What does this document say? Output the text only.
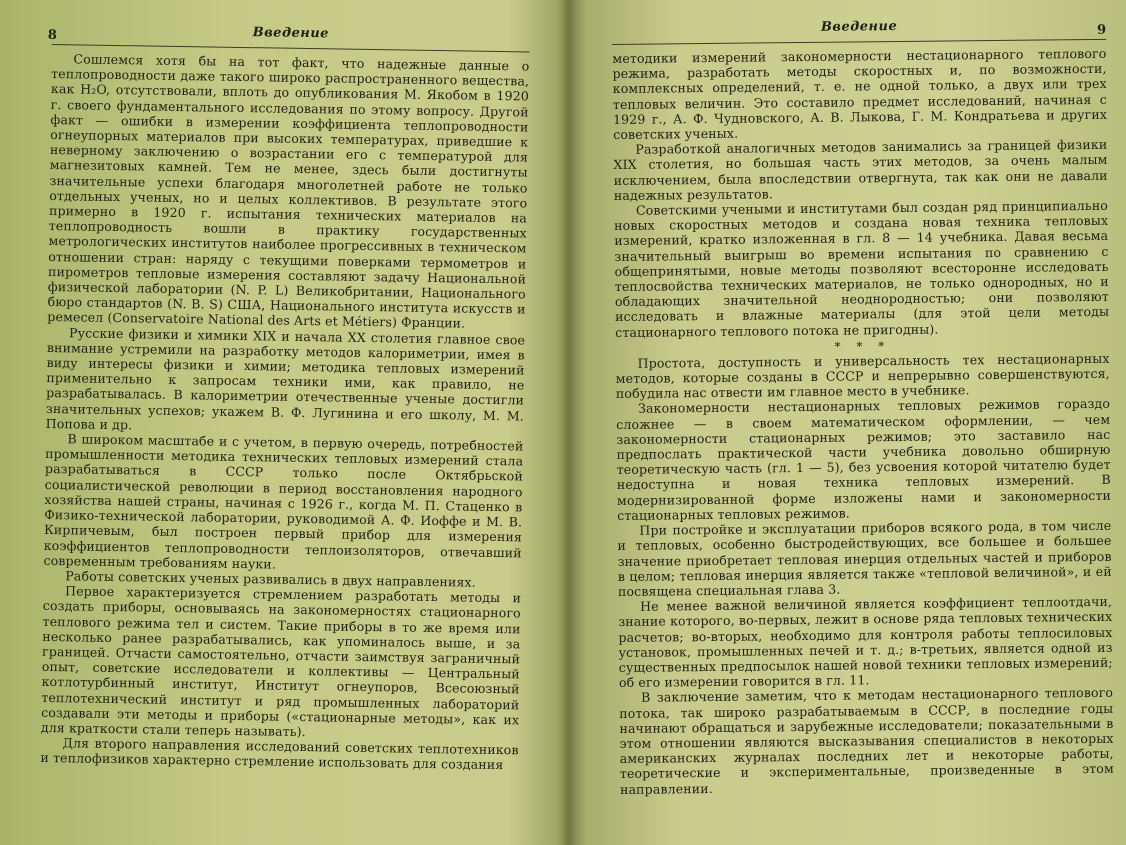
8	Введение

Сошлемся хотя бы на тот факт, что надежные данные о теплопроводности даже такого широко распространенного вещества, как H₂O, отсутствовали, вплоть до опубликования М. Якобом в 1920 г. своего фундаментального исследования по этому вопросу. Другой факт — ошибки в измерении коэффициента теплопроводности огнеупорных материалов при высоких температурах, приведшие к неверному заключению о возрастании его с температурой для магнезитовых камней. Тем не менее, здесь были достигнуты значительные успехи благодаря многолетней работе не только отдельных ученых, но и целых коллективов. В результате этого примерно в 1920 г. испытания технических материалов на теплопроводность вошли в практику государственных метрологических институтов наиболее прогрессивных в техническом отношении стран: наряду с текущими поверками термометров и пирометров тепловые измерения составляют задачу Национальной физической лаборатории (N. P. L) Великобритании, Национального бюро стандартов (N. B. S) США, Национального института искусств и ремесел (Conservatoire National des Arts et Métiers) Франции.

Русские физики и химики XIX и начала XX столетия главное свое внимание устремили на разработку методов калориметрии, имея в виду интересы физики и химии; методика тепловых измерений применительно к запросам техники ими, как правило, не разрабатывалась. В калориметрии отечественные ученые достигли значительных успехов; укажем В. Ф. Лугинина и его школу, М. М. Попова и др.

В широком масштабе и с учетом, в первую очередь, потребностей промышленности методика технических тепловых измерений стала разрабатываться в СССР только после Октябрьской социалистической революции в период восстановления народного хозяйства нашей страны, начиная с 1926 г., когда М. П. Стаценко в Физико-технической лаборатории, руководимой А. Ф. Иоффе и М. В. Кирпичевым, был построен первый прибор для измерения коэффициентов теплопроводности теплоизоляторов, отвечавший современным требованиям науки.

Работы советских ученых развивались в двух направлениях.

Первое характеризуется стремлением разработать методы и создать приборы, основываясь на закономерностях стационарного теплового режима тел и систем. Такие приборы в то же время или несколько ранее разрабатывались, как упоминалось выше, и за границей. Отчасти самостоятельно, отчасти заимствуя заграничный опыт, советские исследователи и коллективы — Центральный котлотурбинный институт, Институт огнеупоров, Всесоюзный теплотехнический институт и ряд промышленных лабораторий создавали эти методы и приборы («стационарные методы», как их для краткости стали теперь называть).

Для второго направления исследований советских теплотехников и теплофизиков характерно стремление использовать для создания

Введение	9

методики измерений закономерности нестационарного теплового режима, разработать методы скоростных и, по возможности, комплексных определений, т. е. не одной только, а двух или трех тепловых величин. Это составило предмет исследований, начиная с 1929 г., А. Ф. Чудновского, А. В. Лыкова, Г. М. Кондратьева и других советских ученых.

Разработкой аналогичных методов занимались за границей физики XIX столетия, но большая часть этих методов, за очень малым исключением, была впоследствии отвергнута, так как они не давали надежных результатов.

Советскими учеными и институтами был создан ряд принципиально новых скоростных методов и создана новая техника тепловых измерений, кратко изложенная в гл. 8 — 14 учебника. Давая весьма значительный выигрыш во времени испытания по сравнению с общепринятыми, новые методы позволяют всесторонне исследовать теплосвойства технических материалов, не только однородных, но и обладающих значительной неоднородностью; они позволяют исследовать и влажные материалы (для этой цели методы стационарного теплового потока не пригодны).

* * *

Простота, доступность и универсальность тех нестационарных методов, которые созданы в СССР и непрерывно совершенствуются, побудила нас отвести им главное место в учебнике.

Закономерности нестационарных тепловых режимов гораздо сложнее — в своем математическом оформлении, — чем закономерности стационарных режимов; это заставило нас предпослать практической части учебника довольно обширную теоретическую часть (гл. 1 — 5), без усвоения которой читателю будет недоступна и новая техника тепловых измерений. В модернизированной форме изложены нами и закономерности стационарных тепловых режимов.

При постройке и эксплуатации приборов всякого рода, в том числе и тепловых, особенно быстродействующих, все большее и большее значение приобретает тепловая инерция отдельных частей и приборов в целом; тепловая инерция является также «тепловой величиной», и ей посвящена специальная глава 3.

Не менее важной величиной является коэффициент теплоотдачи, знание которого, во-первых, лежит в основе ряда тепловых технических расчетов; во-вторых, необходимо для контроля работы теплосиловых установок, промышленных печей и т. д.; в-третьих, является одной из существенных предпосылок нашей новой техники тепловых измерений; об его измерении говорится в гл. 11.

В заключение заметим, что к методам нестационарного теплового потока, так широко разрабатываемым в СССР, в последние годы начинают обращаться и зарубежные исследователи; показательными в этом отношении являются высказывания специалистов в некоторых американских журналах последних лет и некоторые работы, теоретические и экспериментальные, произведенные в этом направлении.
